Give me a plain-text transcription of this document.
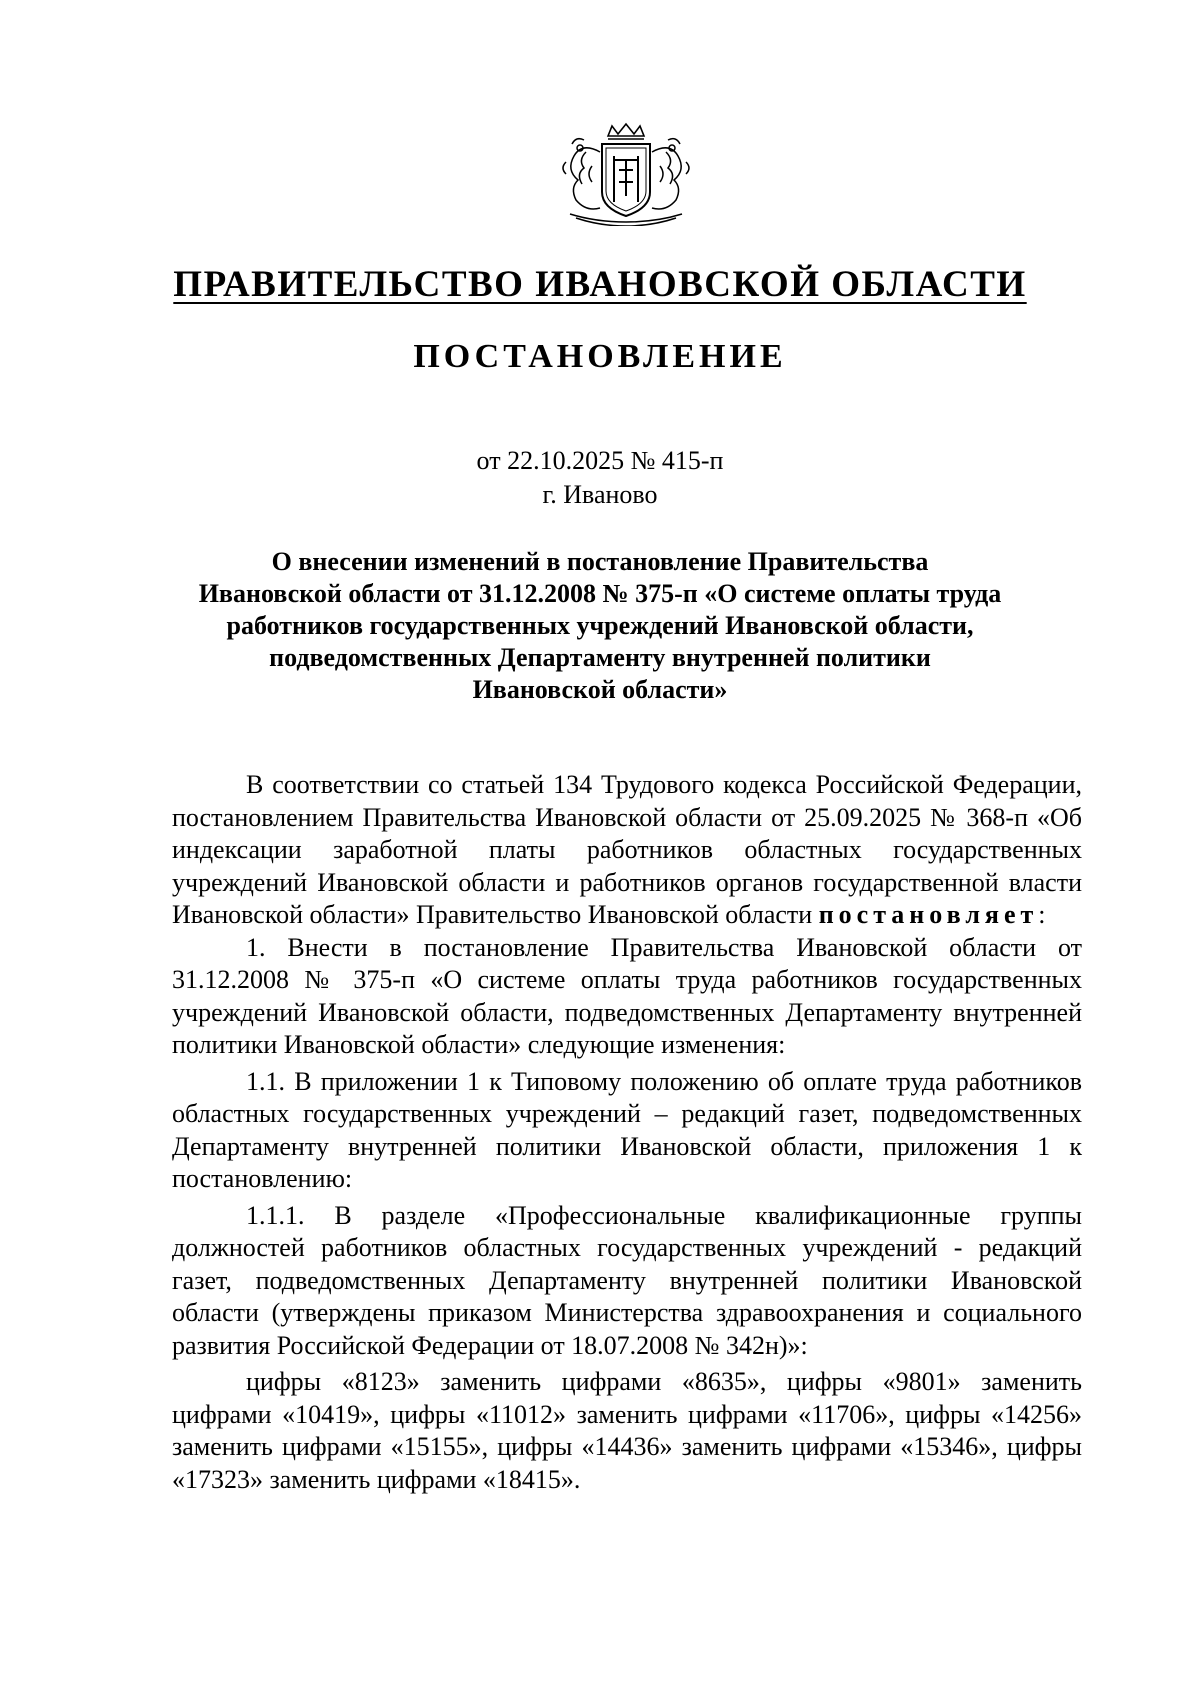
ПРАВИТЕЛЬСТВО ИВАНОВСКОЙ ОБЛАСТИ
ПОСТАНОВЛЕНИЕ
от 22.10.2025 № 415-п
г. Иваново
О внесении изменений в постановление Правительства
Ивановской области от 31.12.2008 № 375-п «О системе оплаты труда
работников государственных учреждений Ивановской области,
подведомственных Департаменту внутренней политики
Ивановской области»

В соответствии со статьей 134 Трудового кодекса Российской Федерации, постановлением Правительства Ивановской области от 25.09.2025 № 368-п «Об индексации заработной платы работников областных государственных учреждений Ивановской области и работников органов государственной власти Ивановской области» Правительство Ивановской области постановляет:

1. Внести в постановление Правительства Ивановской области от 31.12.2008 № 375-п «О системе оплаты труда работников государственных учреждений Ивановской области, подведомственных Департаменту внутренней политики Ивановской области» следующие изменения:

1.1. В приложении 1 к Типовому положению об оплате труда работников областных государственных учреждений – редакций газет, подведомственных Департаменту внутренней политики Ивановской области, приложения 1 к постановлению:

1.1.1. В разделе «Профессиональные квалификационные группы должностей работников областных государственных учреждений - редакций газет, подведомственных Департаменту внутренней политики Ивановской области (утверждены приказом Министерства здравоохранения и социального развития Российской Федерации от 18.07.2008 № 342н)»:

цифры «8123» заменить цифрами «8635», цифры «9801» заменить цифрами «10419», цифры «11012» заменить цифрами «11706», цифры «14256» заменить цифрами «15155», цифры «14436» заменить цифрами «15346», цифры «17323» заменить цифрами «18415».
